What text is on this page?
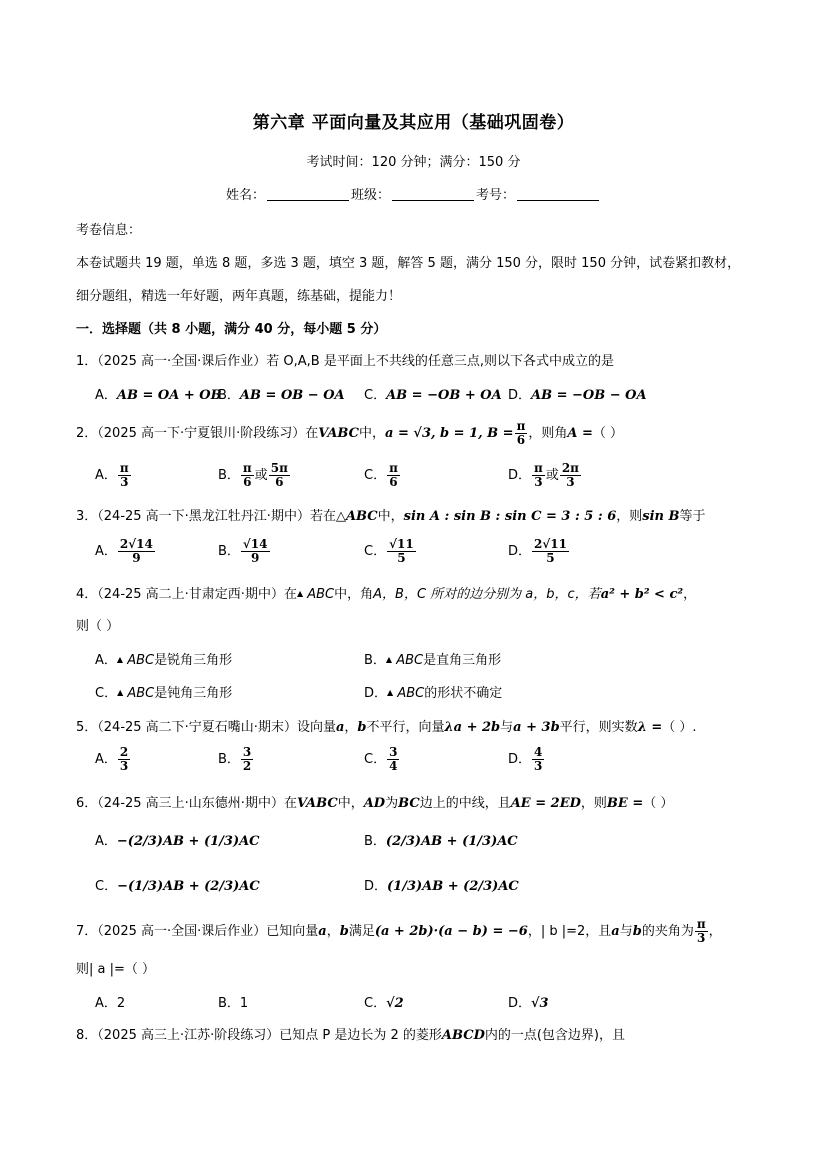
第六章 平面向量及其应用（基础巩固卷）
考试时间：120 分钟；满分：150 分
姓名：	班级：	考号：
考卷信息：
本卷试题共 19 题，单选 8 题，多选 3 题，填空 3 题，解答 5 题，满分 150 分，限时 150 分钟，试卷紧扣教材，
细分题组，精选一年好题，两年真题，练基础，提能力！
一．选择题（共 8 小题，满分 40 分，每小题 5 分）
1．（2025 高一·全国·课后作业）若 O,A,B 是平面上不共线的任意三点,则以下各式中成立的是
A．AB = OA + OB
B．AB = OB − OA C．AB = −OB + OA D．AB = −OB − OA
2．（2025 高一下·宁夏银川·阶段练习）在VABC中，a = √3, b = 1, $B = \frac{\pi}{6}$ ，则角A =（ ）
A． $\frac{\pi}{3}$	B． $\frac{\pi}{6}$ 或 $\frac{5\pi}{6}$	C． $\frac{\pi}{6}$	D． $\frac{\pi}{3}$ 或 $\frac{2\pi}{3}$
3．（24-25 高一下·黑龙江牡丹江·期中）若在△ABC中，sin A : sin B : sin C = 3 : 5 : 6，则sin B等于
A． $\frac{2√14}{9}$	B． $\frac{√14}{9}$	C． $\frac{√11}{5}$	D． $\frac{2√11}{5}$
4．（24-25 高二上·甘肃定西·期中）在▲ ABC中，角A，B，C 所对的边分别为 a，b，c，若a² + b² < c²，
则（ ）
A．▲ ABC是锐角三角形	B．▲ ABC是直角三角形
C．▲ ABC是钝角三角形	D．▲ ABC的形状不确定
5．（24-25 高二下·宁夏石嘴山·期末）设向量a，b不平行，向量λa + 2b与a + 3b平行，则实数λ =（ ）.
A． $\frac{2}{3}$	B． $\frac{3}{2}$	C． $\frac{3}{4}$	D． $\frac{4}{3}$
6．（24-25 高三上·山东德州·期中）在VABC中，AD为BC边上的中线，且AE = 2ED，则BE =（ ）
A．−(2/3)AB + (1/3)AC	B．(2/3)AB + (1/3)AC
C．−(1/3)AB + (2/3)AC	D．(1/3)AB + (2/3)AC
7．（2025 高一·全国·课后作业）已知向量a，b满足(a + 2b)·(a − b) = −6，| b |=2，且a与b的夹角为 $\frac{\pi}{3}$ ，
则| a |=（ ）
A．2	B．1	C．√2	D．√3
8．（2025 高三上·江苏·阶段练习）已知点 P 是边长为 2 的菱形ABCD内的一点(包含边界)，且
